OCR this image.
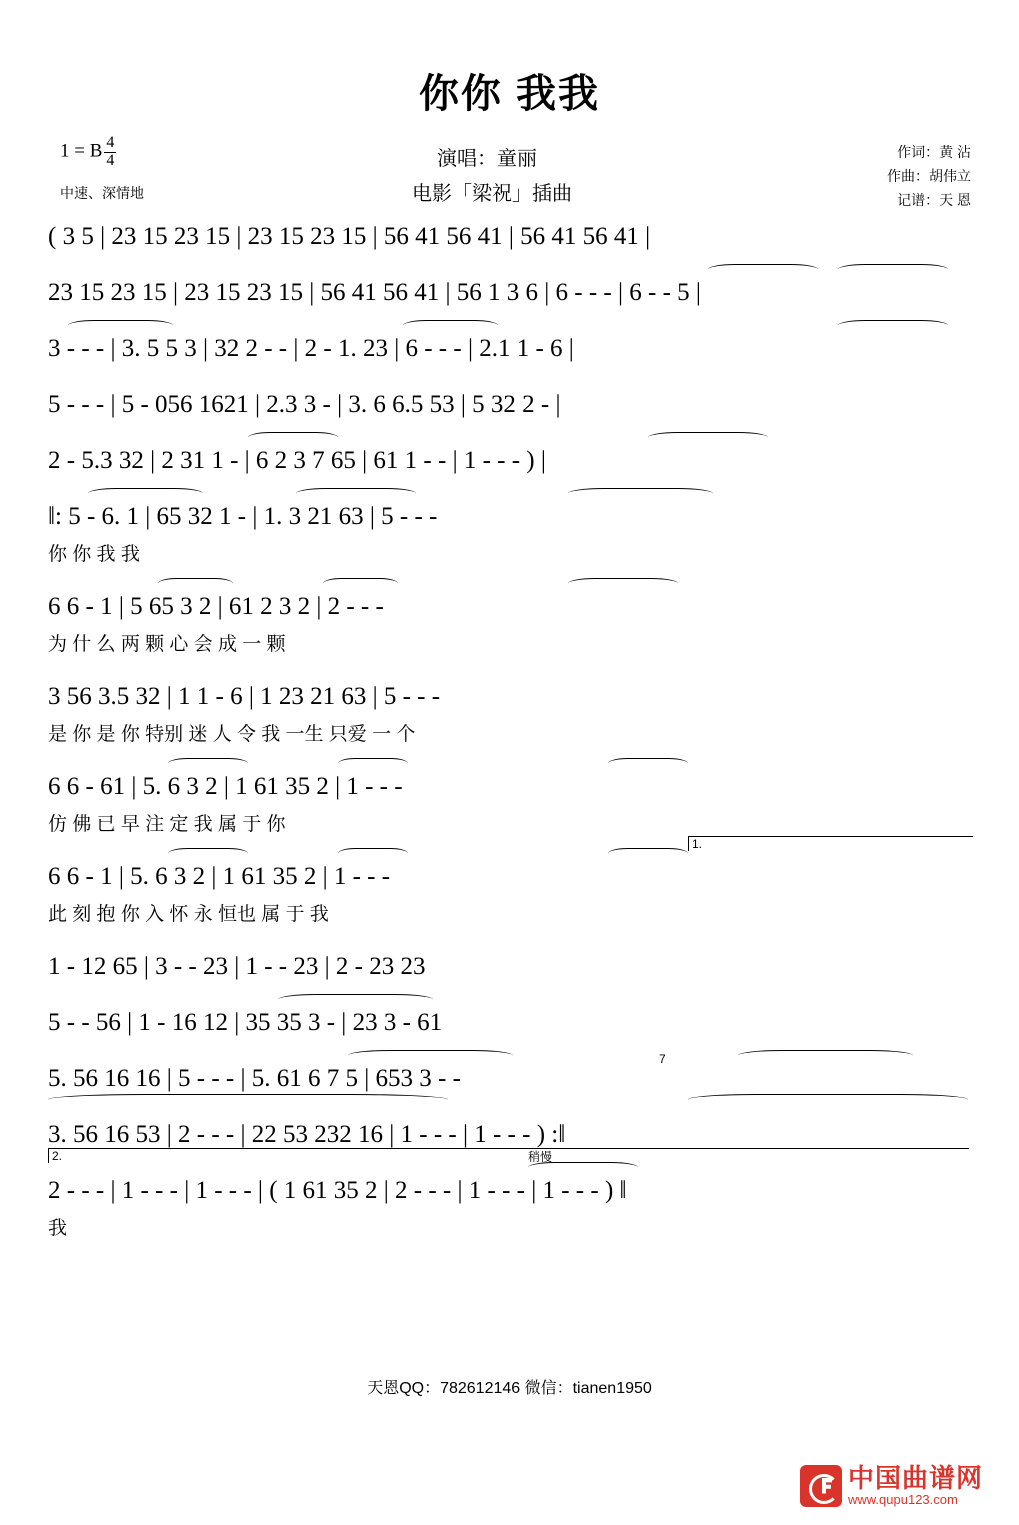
你你 我我
1 = B $\frac{4}{4}$
中速、深情地
演唱：童丽
电影「梁祝」插曲
作词：黄 沾
作曲：胡伟立
记谱：天 恩
( 3 5 | 23 15 23 15 | 23 15 23 15 | 56 41 56 41 | 56 41 56 41 |
23 15 23 15 | 23 15 23 15 | 56 41 56 41 | 56 1 3 6 | 6 - - - | 6 - - 5 |
3 - - - | 3. 5 5 3 | 32 2 - - | 2 - 1. 23 | 6 - - - | 2.1 1 - 6 |
5 - - - | 5 - 056 1621 | 2.3 3 - | 3. 6 6.5 53 | 5 32 2 - |
2 - 5.3 32 | 2 31 1 - | 6 2 3 7 65 | 61 1 - - | 1 - - - ) |
‖: 5 - 6. 1 | 65 32 1 - | 1. 3 21 63 | 5 - - -
你 你 我 我
6 6 - 1 | 5 65 3 2 | 61 2 3 2 | 2 - - -
为 什 么 两 颗 心 会 成 一 颗
3 56 3.5 32 | 1 1 - 6 | 1 23 21 63 | 5 - - -
是 你 是 你 特别 迷 人 令 我 一生 只爱 一 个
6 6 - 61 | 5. 6 3 2 | 1 61 35 2 | 1 - - -
仿 佛 已 早 注 定 我 属 于 你
6 6 - 1 | 5. 6 3 2 | 1 61 35 2 | 1 - - -
1.
此 刻 抱 你 入 怀 永 恒也 属 于 我
1 - 12 65 | 3 - - 23 | 1 - - 23 | 2 - 23 23
5 - - 56 | 1 - 16 12 | 35 35 3 - | 23 3 - 61
5. 56 16 16 | 5 - - - | 5. 61 6 7 5 | 653 3 - -
7
3. 56 16 53 | 2 - - - | 22 53 232 16 | 1 - - - | 1 - - - ) :‖
2.	稍慢
2 - - - | 1 - - - | 1 - - - | ( 1 61 35 2 | 2 - - - | 1 - - - | 1 - - - ) ‖
我
天恩QQ：782612146 微信：tianen1950
中国曲谱网
www.qupu123.com
